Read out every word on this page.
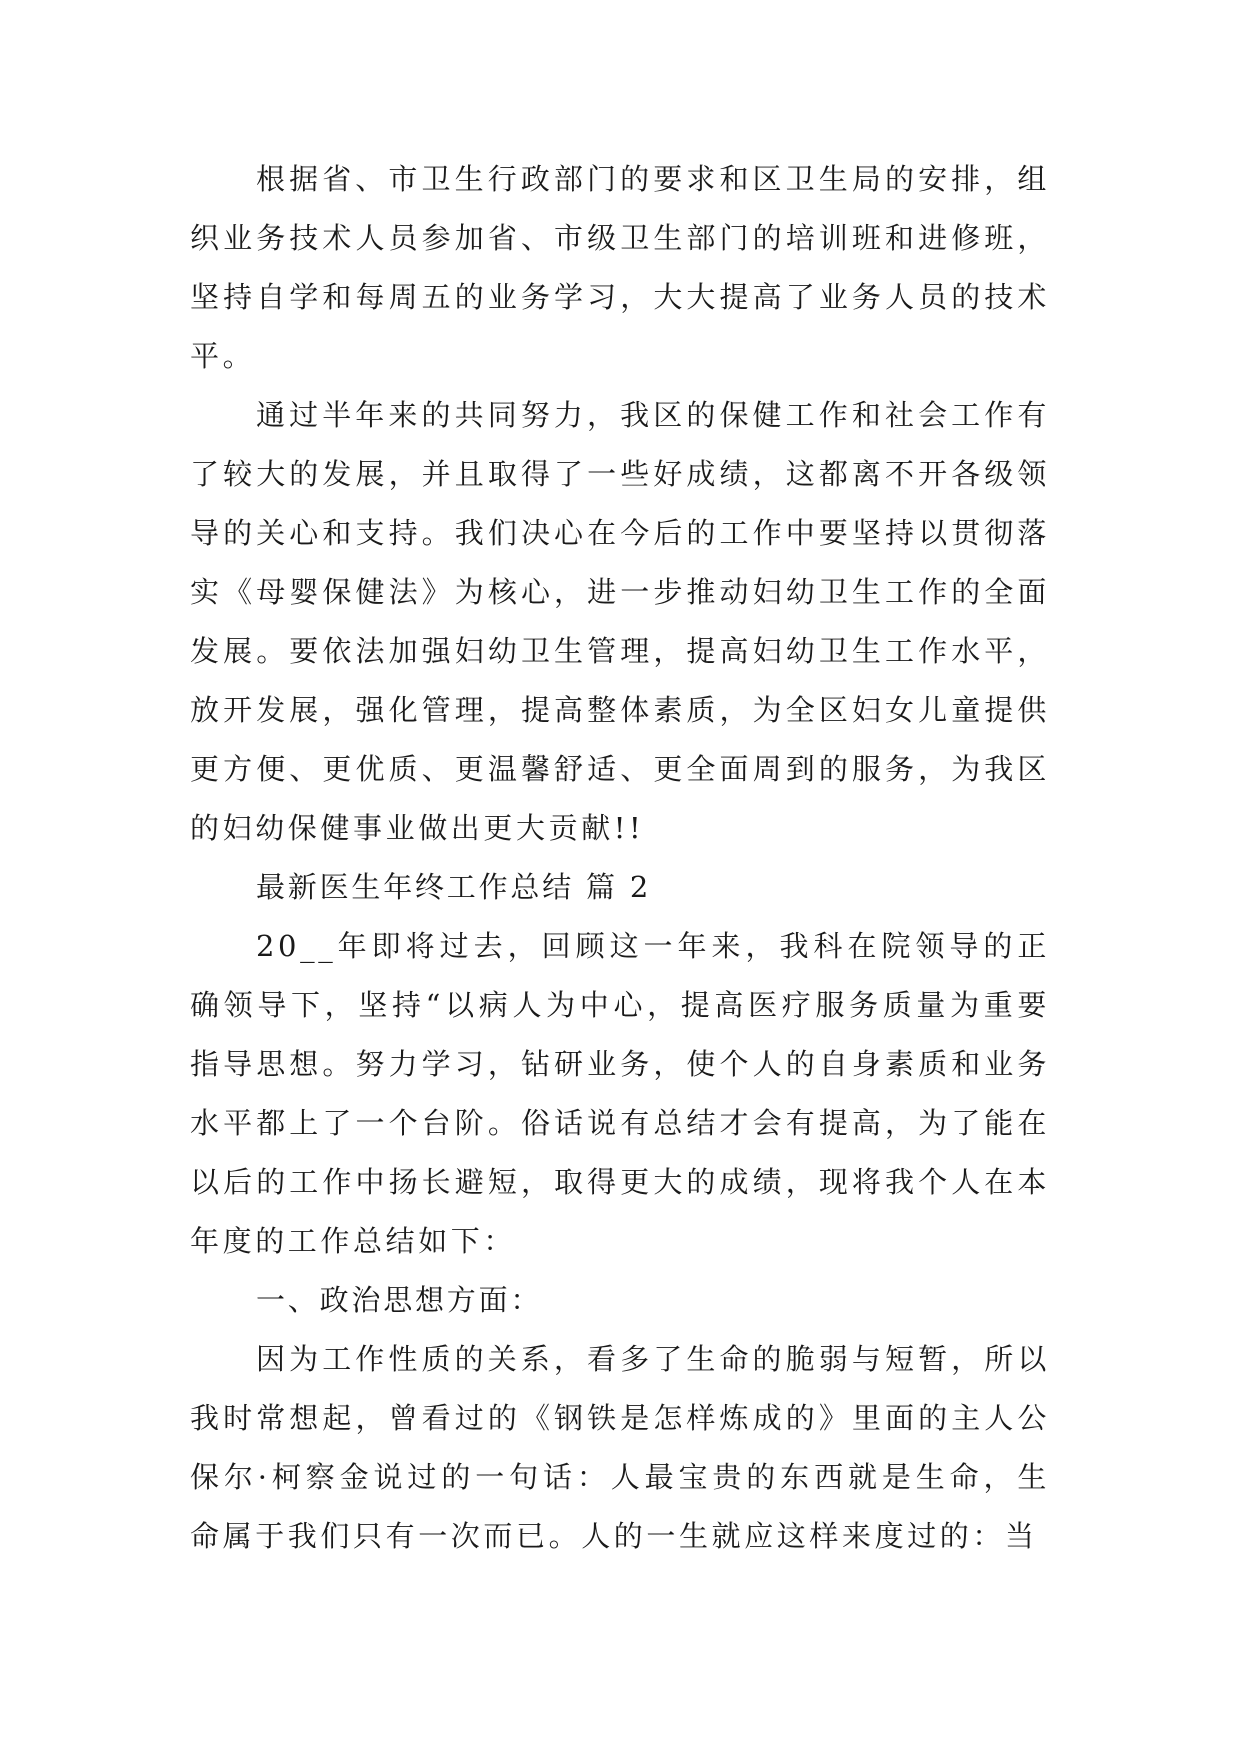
根据省、市卫生行政部门的要求和区卫生局的安排，组织业务技术人员参加省、市级卫生部门的培训班和进修班，坚持自学和每周五的业务学习，大大提高了业务人员的技术平。

通过半年来的共同努力，我区的保健工作和社会工作有了较大的发展，并且取得了一些好成绩，这都离不开各级领导的关心和支持。我们决心在今后的工作中要坚持以贯彻落实《母婴保健法》为核心，进一步推动妇幼卫生工作的全面发展。要依法加强妇幼卫生管理，提高妇幼卫生工作水平，放开发展，强化管理，提高整体素质，为全区妇女儿童提供更方便、更优质、更温馨舒适、更全面周到的服务，为我区的妇幼保健事业做出更大贡献!!

最新医生年终工作总结 篇 2

20__年即将过去，回顾这一年来，我科在院领导的正确领导下，坚持“以病人为中心，提高医疗服务质量为重要指导思想。努力学习，钻研业务，使个人的自身素质和业务水平都上了一个台阶。俗话说有总结才会有提高，为了能在以后的工作中扬长避短，取得更大的成绩，现将我个人在本年度的工作总结如下：

一、政治思想方面：

因为工作性质的关系，看多了生命的脆弱与短暂，所以我时常想起，曾看过的《钢铁是怎样炼成的》里面的主人公保尔·柯察金说过的一句话：人最宝贵的东西就是生命，生命属于我们只有一次而已。人的一生就应这样来度过的：当
